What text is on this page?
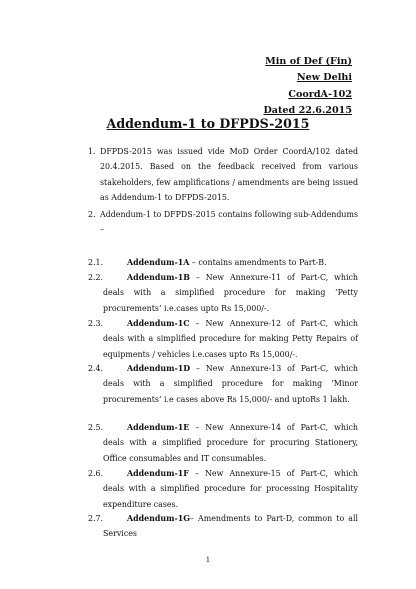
Min of Def (Fin)
New Delhi
CoordA-102
Dated 22.6.2015
Addendum-1 to DFPDS-2015
1. DFPDS-2015 was issued vide MoD Order CoordA/102 dated 20.4.2015. Based on the feedback received from various stakeholders, few amplifications / amendments are being issued as Addendum-1 to DFPDS-2015.
2. Addendum-1 to DFPDS-2015 contains following sub-Addendums –
2.1.	Addendum-1A – contains amendments to Part-B.
2.2.	Addendum-1B – New Annexure-11 of Part-C, which deals with a simplified procedure for making ‘Petty procurements’ i.e.cases upto Rs 15,000/-.
2.3.	Addendum-1C – New Annexure-12 of Part-C, which deals with a simplified procedure for making Petty Repairs of equipments / vehicles i.e.cases upto Rs 15,000/-.
2.4.	Addendum-1D – New Annexure-13 of Part-C, which deals with a simplified procedure for making ‘Minor procurements’ i.e cases above Rs 15,000/- and uptoRs 1 lakh.
2.5.	Addendum-1E – New Annexure-14 of Part-C, which deals with a simplified procedure for procuring Stationery, Office consumables and IT consumables.
2.6.	Addendum-1F – New Annexure-15 of Part-C, which deals with a simplified procedure for processing Hospitality expenditure cases.
2.7.	Addendum-1G– Amendments to Part-D, common to all Services
1
